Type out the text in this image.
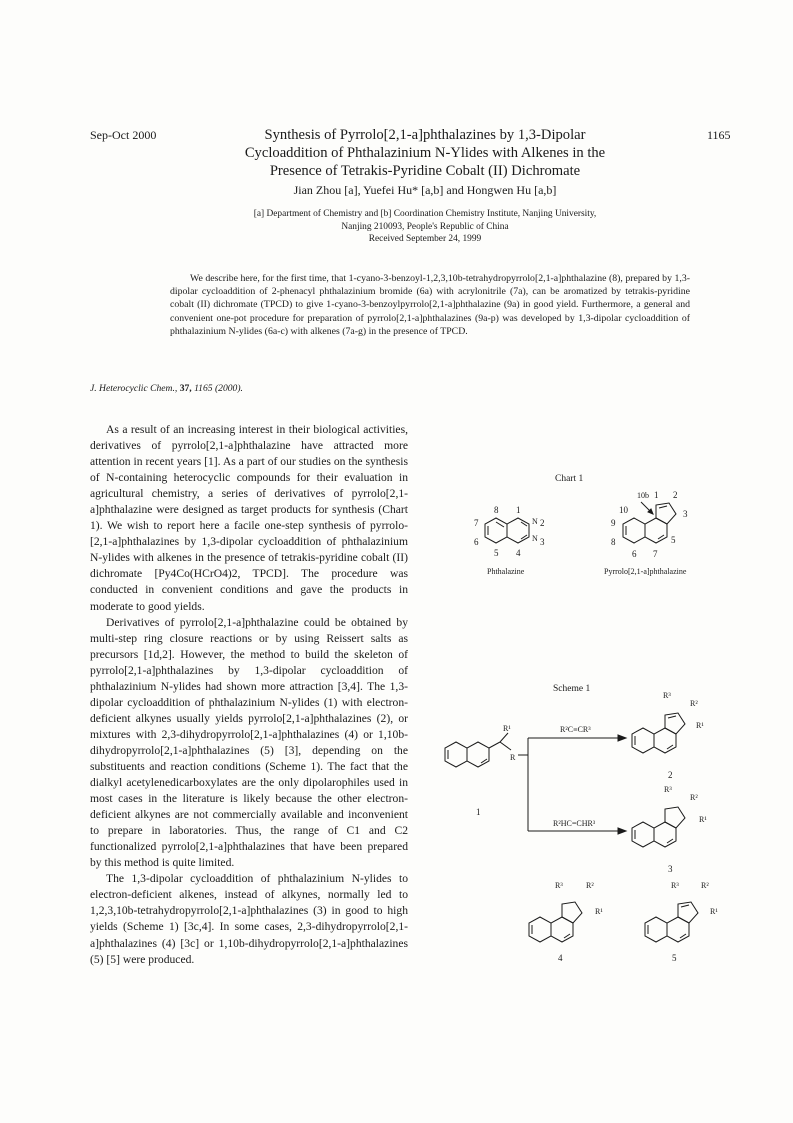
Sep-Oct 2000	1165
Synthesis of Pyrrolo[2,1-a]phthalazines by 1,3-Dipolar
Cycloaddition of Phthalazinium N-Ylides with Alkenes in the
Presence of Tetrakis-Pyridine Cobalt (II) Dichromate
Jian Zhou [a], Yuefei Hu* [a,b] and Hongwen Hu [a,b]
[a] Department of Chemistry and [b] Coordination Chemistry Institute, Nanjing University,
Nanjing 210093, People's Republic of China
Received September 24, 1999
We describe here, for the first time, that 1-cyano-3-benzoyl-1,2,3,10b-tetrahydropyrrolo[2,1-a]phthalazine (8), prepared by 1,3-dipolar cycloaddition of 2-phenacyl phthalazinium bromide (6a) with acrylonitrile (7a), can be aromatized by tetrakis-pyridine cobalt (II) dichromate (TPCD) to give 1-cyano-3-benzoylpyrrolo[2,1-a]phthalazine (9a) in good yield. Furthermore, a general and convenient one-pot procedure for preparation of pyrrolo[2,1-a]phthalazines (9a-p) was developed by 1,3-dipolar cycloaddition of phthalazinium N-ylides (6a-c) with alkenes (7a-g) in the presence of TPCD.
J. Heterocyclic Chem., 37, 1165 (2000).

As a result of an increasing interest in their biological activities, derivatives of pyrrolo[2,1-a]phthalazine have attracted more attention in recent years [1]. As a part of our studies on the synthesis of N-containing heterocyclic compounds for their evaluation in agricultural chemistry, a series of derivatives of pyrrolo[2,1-a]phthalazine were designed as target products for synthesis (Chart 1). We wish to report here a facile one-step synthesis of pyrrolo-[2,1-a]phthalazines by 1,3-dipolar cycloaddition of phthalazinium N-ylides with alkenes in the presence of tetrakis-pyridine cobalt (II) dichromate [Py4Co(HCrO4)2, TPCD]. The procedure was conducted in convenient conditions and gave the products in moderate to good yields.

Derivatives of pyrrolo[2,1-a]phthalazine could be obtained by multi-step ring closure reactions or by using Reissert salts as precursors [1d,2]. However, the method to build the skeleton of pyrrolo[2,1-a]phthalazines by 1,3-dipolar cycloaddition of phthalazinium N-ylides had shown more attraction [3,4]. The 1,3-dipolar cycloaddition of phthalazinium N-ylides (1) with electron-deficient alkynes usually yields pyrrolo[2,1-a]phthalazines (2), or mixtures with 2,3-dihydropyrrolo[2,1-a]phthalazines (4) or 1,10b-dihydropyrrolo[2,1-a]phthalazines (5) [3], depending on the substituents and reaction conditions (Scheme 1). The fact that the dialkyl acetylenedicarboxylates are the only dipolarophiles used in most cases in the literature is likely because the other electron-deficient alkynes are not commercially available and inconvenient to prepare in laboratories. Thus, the range of C1 and C2 functionalized pyrrolo[2,1-a]phthalazines that have been prepared by this method is quite limited.

The 1,3-dipolar cycloaddition of phthalazinium N-ylides to electron-deficient alkenes, instead of alkynes, normally led to 1,2,3,10b-tetrahydropyrrolo[2,1-a]phthalazines (3) in good to high yields (Scheme 1) [3c,4]. In some cases, 2,3-dihydropyrrolo[2,1-a]phthalazines (4) [3c] or 1,10b-dihydropyrrolo[2,1-a]phthalazines (5) [5] were produced.

Chart 1
Scheme 1
8 1
N 2
N 3
7
6
5 4
Phthalazine
10b 1 2
3
10
9
8	5
6 7
Pyrrolo[2,1-a]phthalazine
R²C≡CR³
R²HC=CHR³
R¹
R
1
R³
R²
R¹
2
R³
R²
R¹
3
R³	R²
R¹
4
R³	R²
R¹
5
